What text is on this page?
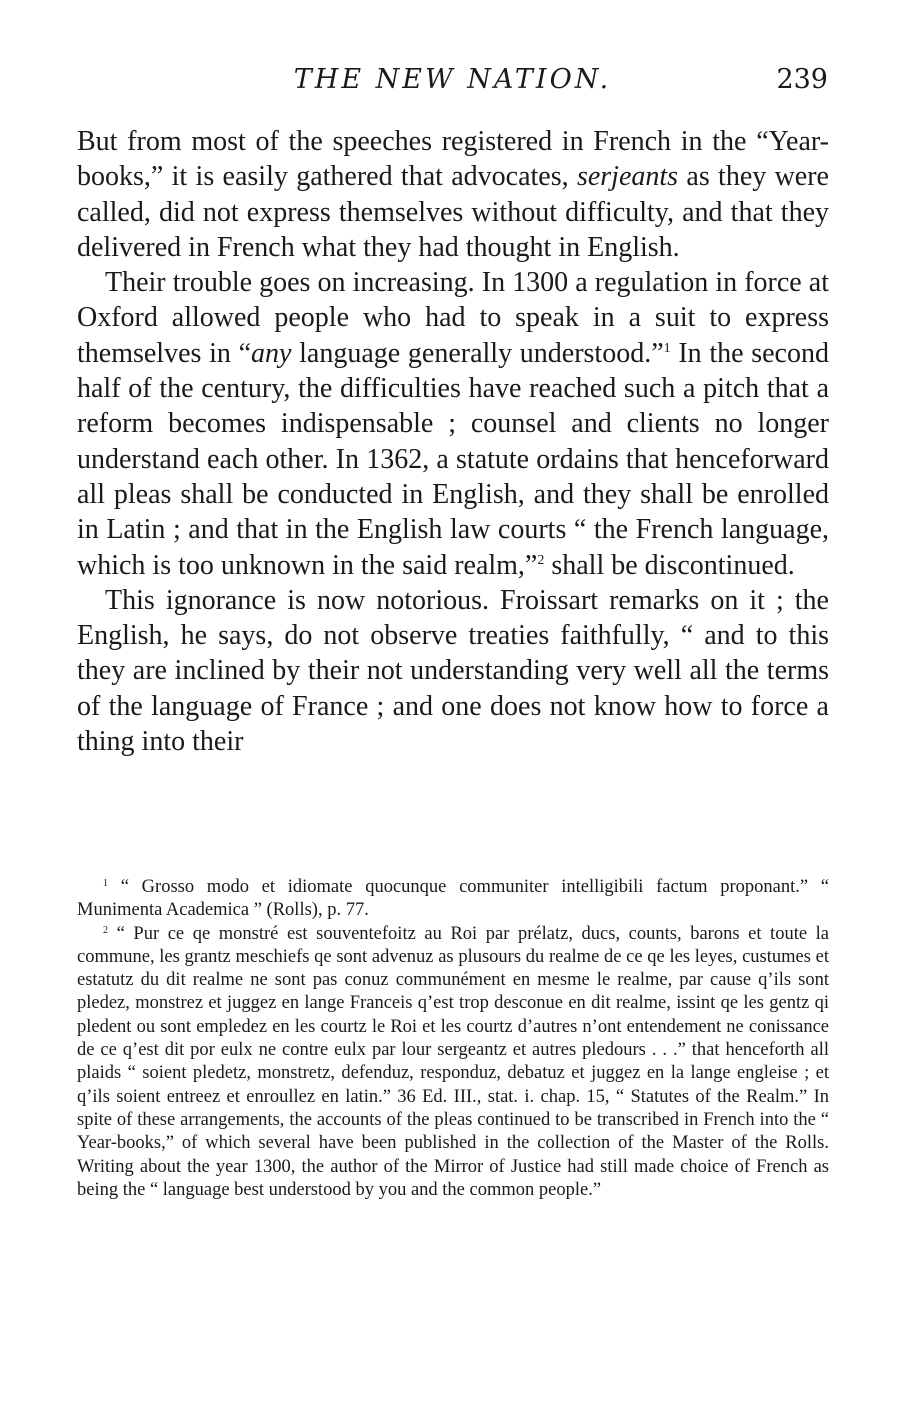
THE NEW NATION.	239

But from most of the speeches registered in French in the “Year-books,” it is easily gathered that advocates, serjeants as they were called, did not express themselves without difficulty, and that they delivered in French what they had thought in English.

Their trouble goes on increasing. In 1300 a regulation in force at Oxford allowed people who had to speak in a suit to express themselves in “any language generally understood.”$^1$ In the second half of the century, the difficulties have reached such a pitch that a reform becomes indispensable ; counsel and clients no longer understand each other. In 1362, a statute ordains that henceforward all pleas shall be conducted in English, and they shall be enrolled in Latin ; and that in the English law courts “ the French language, which is too unknown in the said realm,”$^2$ shall be discontinued.

This ignorance is now notorious. Froissart remarks on it ; the English, he says, do not observe treaties faithfully, “ and to this they are inclined by their not understanding very well all the terms of the language of France ; and one does not know how to force a thing into their

$^1$ “ Grosso modo et idiomate quocunque communiter intelligibili factum proponant.” “ Munimenta Academica ” (Rolls), p. 77.

$^2$ “ Pur ce qe monstré est souventefoitz au Roi par prélatz, ducs, counts, barons et toute la commune, les grantz meschiefs qe sont advenuz as plusours du realme de ce qe les leyes, custumes et estatutz du dit realme ne sont pas conuz communément en mesme le realme, par cause q’ils sont pledez, monstrez et juggez en lange Franceis q’est trop desconue en dit realme, issint qe les gentz qi pledent ou sont empledez en les courtz le Roi et les courtz d’autres n’ont entendement ne conissance de ce q’est dit por eulx ne contre eulx par lour sergeantz et autres pledours . . .” that henceforth all plaids “ soient pledetz, monstretz, defenduz, responduz, debatuz et juggez en la lange engleise ; et q’ils soient entreez et enroullez en latin.” 36 Ed. III., stat. i. chap. 15, “ Statutes of the Realm.” In spite of these arrangements, the accounts of the pleas continued to be transcribed in French into the “ Year-books,” of which several have been published in the collection of the Master of the Rolls. Writing about the year 1300, the author of the Mirror of Justice had still made choice of French as being the “ language best understood by you and the common people.”
